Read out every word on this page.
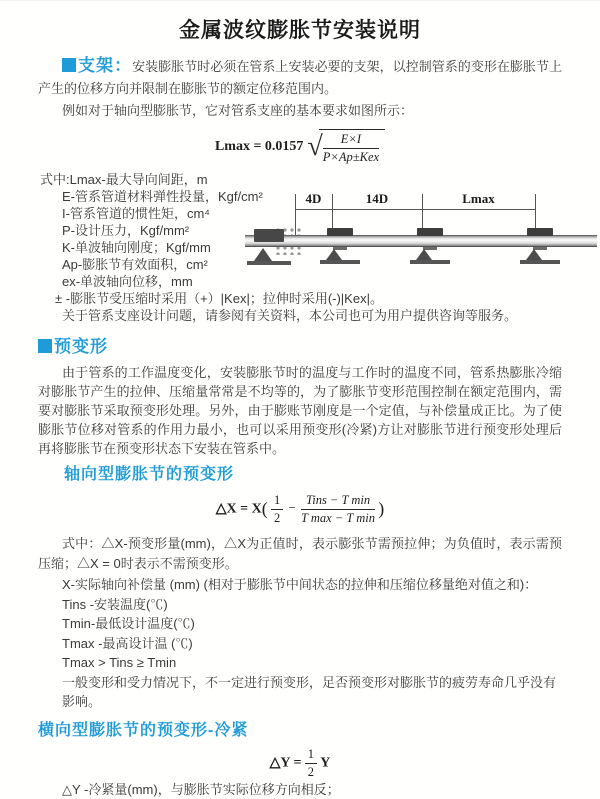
金属波纹膨胀节安装说明

支架：安装膨胀节时必须在管系上安装必要的支架，以控制管系的变形在膨胀节上产生的位移方向并限制在膨胀节的额定位移范围内。

例如对于轴向型膨胀节，它对管系支座的基本要求如图所示：

Lmax = 0.0157 √ $\frac{E\times I}{\text{P×Ap±Kex}}$
式中:Lmax-最大导向间距，m
E-管系管道材料弹性投量，Kgf/cm²
I-管系管道的惯性矩，cm⁴
P-设计压力，Kgf/mm²
K-单波轴向刚度；Kgf/mm
Ap-膨胀节有效面积，cm²
ex-单波轴向位移，mm
± -膨胀节受压缩时采用（+）|Kex|；拉伸时采用(-)|Kex|。
关于管系支座设计问题，请参阅有关资料，本公司也可为用户提供咨询等服务。
4D	14D	Lmax
预变形

由于管系的工作温度变化，安装膨胀节时的温度与工作时的温度不同，管系热膨胀冷缩对膨胀节产生的拉伸、压缩量常常是不均等的，为了膨胀节变形范围控制在额定范围内，需要对膨胀节采取预变形处理。另外，由于膨账节刚度是一个定值，与补偿量成正比。为了使膨胀节位移对管系的作用力最小，也可以采用预变形(冷紧)方让对膨胀节进行预变形处理后再将膨胀节在预变形状态下安装在管系中。

轴向型膨胀节的预变形
△X = $X( \frac{1}{2} - \frac{\text{Tins − T min}}{\text{T max − T min}}$ )

式中：△X-预变形量(mm)，△X为正值时，表示膨张节需预拉伸；为负值时，表示需预压缩；△X = 0时表示不需预变形。

X-实际轴向补偿量 (mm) (相对于膨胀节中间状态的拉伸和压缩位移量绝对值之和)：
Tins -安装温度(℃)
Tmin-最低设计温度(℃)
Tmax -最高设计温 (℃)
Tmax > Tins ≥ Tmin
一般变形和受力情况下，不一定进行预变形，足否预变形对膨胀节的疲劳寿命几乎没有影响。
横向型膨胀节的预变形-冷紧
△Y = $\frac{1}{2}$ Y

△Y -冷紧量(mm)，与膨胀节实际位移方向相反；
